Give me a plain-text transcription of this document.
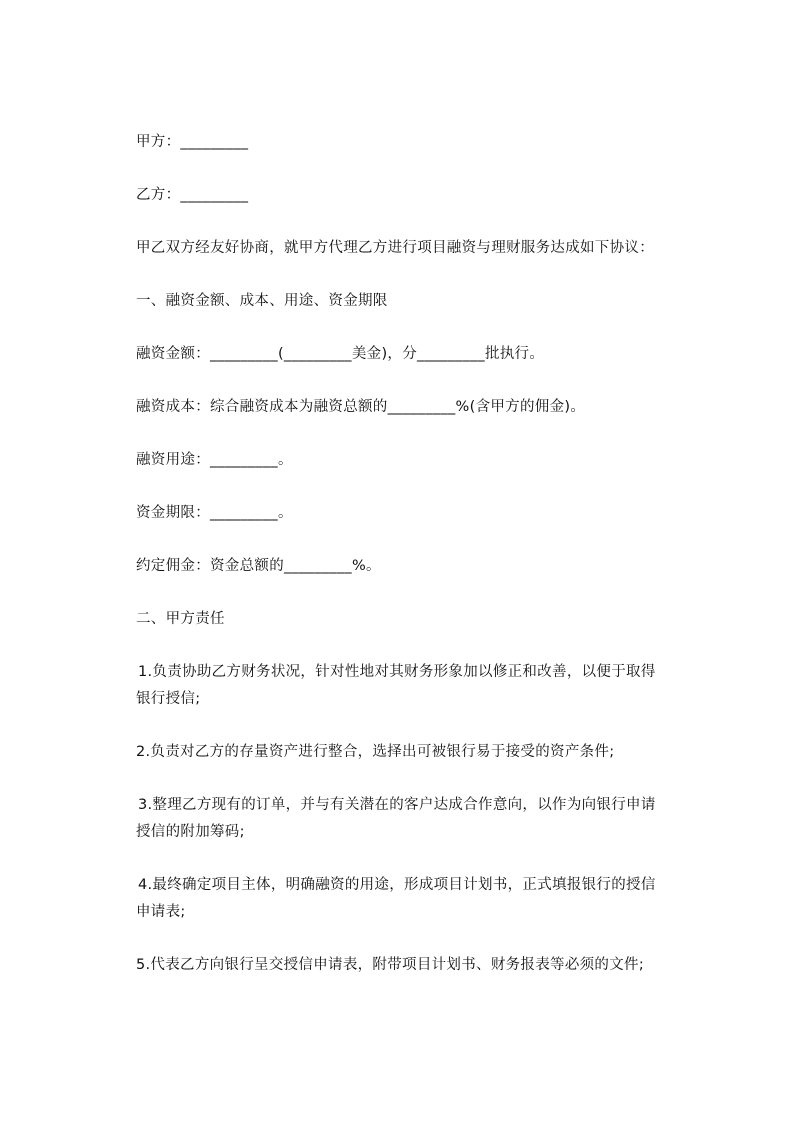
甲方：_________

乙方：_________

甲乙双方经友好协商，就甲方代理乙方进行项目融资与理财服务达成如下协议：

一、融资金额、成本、用途、资金期限

融资金额：_________(_________美金)，分_________批执行。

融资成本：综合融资成本为融资总额的_________%(含甲方的佣金)。

融资用途：_________。

资金期限：_________。

约定佣金：资金总额的_________%。

二、甲方责任

1.负责协助乙方财务状况，针对性地对其财务形象加以修正和改善，以便于取得
银行授信;

2.负责对乙方的存量资产进行整合，选择出可被银行易于接受的资产条件;

3.整理乙方现有的订单，并与有关潜在的客户达成合作意向，以作为向银行申请
授信的附加筹码;
4.最终确定项目主体，明确融资的用途，形成项目计划书，正式填报银行的授信
申请表;

5.代表乙方向银行呈交授信申请表，附带项目计划书、财务报表等必须的文件;
